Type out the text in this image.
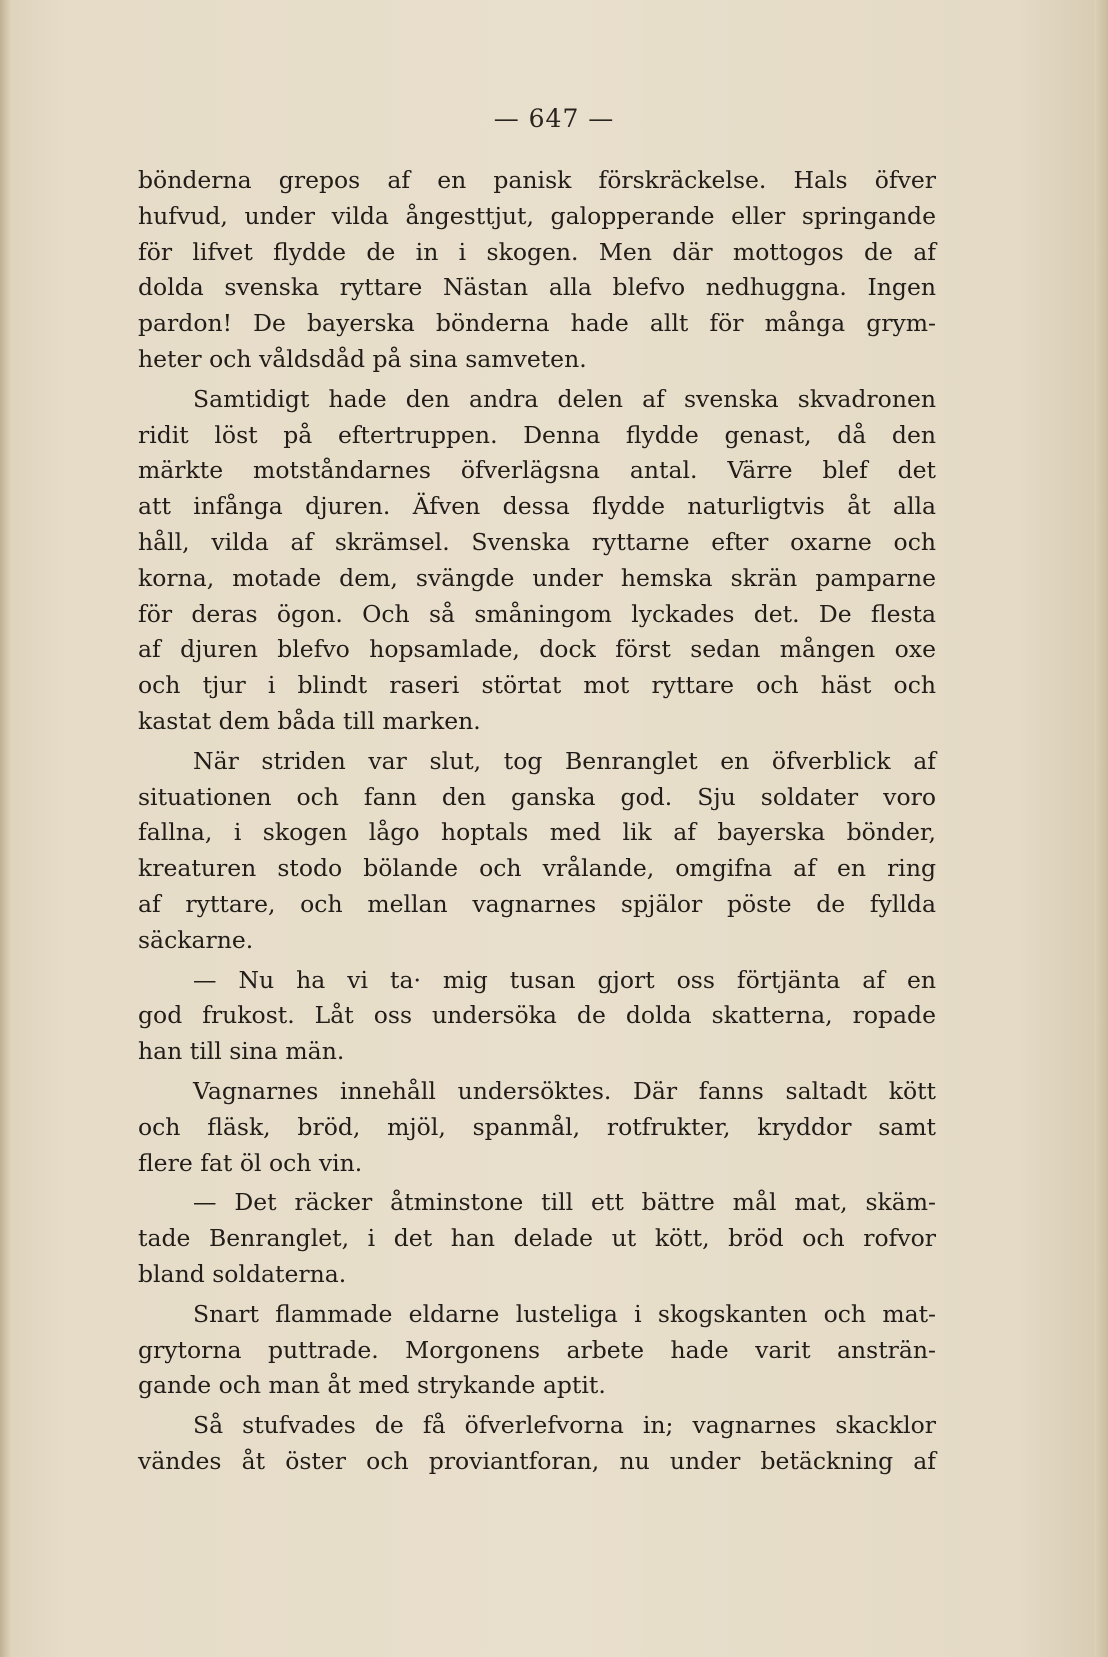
— 647 —
bönderna grepos af en panisk förskräckelse. Hals öfver
hufvud, under vilda ångesttjut, galopperande eller springande
för lifvet flydde de in i skogen. Men där mottogos de af
dolda svenska ryttare Nästan alla blefvo nedhuggna. Ingen
pardon! De bayerska bönderna hade allt för många grym-
heter och våldsdåd på sina samveten.
Samtidigt hade den andra delen af svenska skvadronen
ridit löst på eftertruppen. Denna flydde genast, då den
märkte motståndarnes öfverlägsna antal. Värre blef det
att infånga djuren. Äfven dessa flydde naturligtvis åt alla
håll, vilda af skrämsel. Svenska ryttarne efter oxarne och
korna, motade dem, svängde under hemska skrän pamparne
för deras ögon. Och så småningom lyckades det. De flesta
af djuren blefvo hopsamlade, dock först sedan mången oxe
och tjur i blindt raseri störtat mot ryttare och häst och
kastat dem båda till marken.
När striden var slut, tog Benranglet en öfverblick af
situationen och fann den ganska god. Sju soldater voro
fallna, i skogen lågo hoptals med lik af bayerska bönder,
kreaturen stodo bölande och vrålande, omgifna af en ring
af ryttare, och mellan vagnarnes spjälor pöste de fyllda
säckarne.
— Nu ha vi ta· mig tusan gjort oss förtjänta af en
god frukost. Låt oss undersöka de dolda skatterna, ropade
han till sina män.
Vagnarnes innehåll undersöktes. Där fanns saltadt kött
och fläsk, bröd, mjöl, spanmål, rotfrukter, kryddor samt
flere fat öl och vin.
— Det räcker åtminstone till ett bättre mål mat, skäm-
tade Benranglet, i det han delade ut kött, bröd och rofvor
bland soldaterna.
Snart flammade eldarne lusteliga i skogskanten och mat-
grytorna puttrade. Morgonens arbete hade varit ansträn-
gande och man åt med strykande aptit.
Så stufvades de få öfverlefvorna in; vagnarnes skacklor
vändes åt öster och proviantforan, nu under betäckning af
